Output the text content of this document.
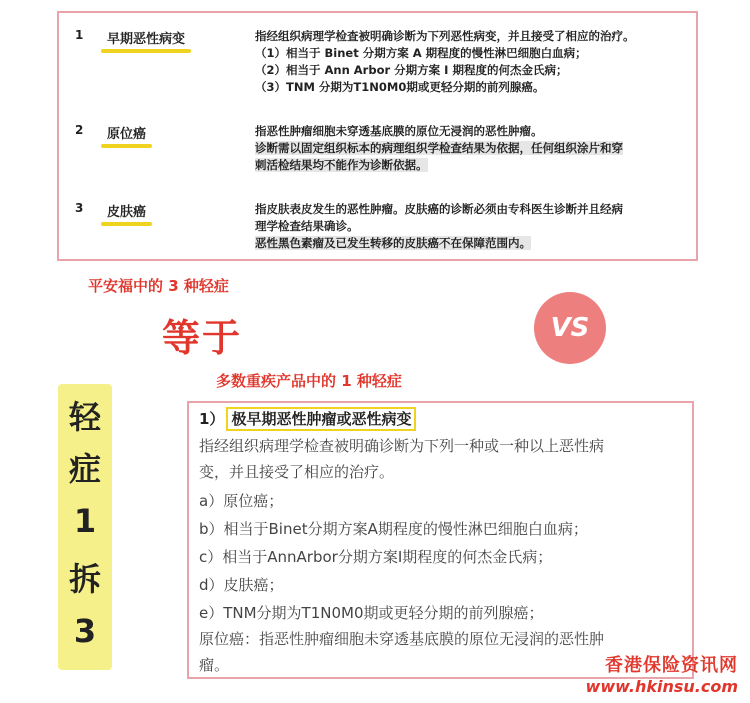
1 早期恶性病变	指经组织病理学检查被明确诊断为下列恶性病变，并且接受了相应的治疗。

（1）相当于 Binet 分期方案 A 期程度的慢性淋巴细胞白血病；

（2）相当于 Ann Arbor 分期方案 I 期程度的何杰金氏病；

（3）TNM 分期为T1N0M0期或更轻分期的前列腺癌。

2 原位癌	指恶性肿瘤细胞未穿透基底膜的原位无浸润的恶性肿瘤。

诊断需以固定组织标本的病理组织学检查结果为依据，任何组织涂片和穿

刺活检结果均不能作为诊断依据。

3 皮肤癌	指皮肤表皮发生的恶性肿瘤。皮肤癌的诊断必须由专科医生诊断并且经病

理学检查结果确诊。

恶性黑色素瘤及已发生转移的皮肤癌不在保障范围内。

平安福中的 3 种轻症
等于	VS
多数重疾产品中的 1 种轻症
轻
症
1
拆
3
1） 极早期恶性肿瘤或恶性病变
指经组织病理学检查被明确诊断为下列一种或一种以上恶性病
变，并且接受了相应的治疗。
a）原位癌；
b）相当于Binet分期方案A期程度的慢性淋巴细胞白血病；
c）相当于AnnArbor分期方案I期程度的何杰金氏病；
d）皮肤癌；
e）TNM分期为T1N0M0期或更轻分期的前列腺癌；
原位癌：指恶性肿瘤细胞未穿透基底膜的原位无浸润的恶性肿
瘤。	香港保险资讯网
www.hkinsu.com
